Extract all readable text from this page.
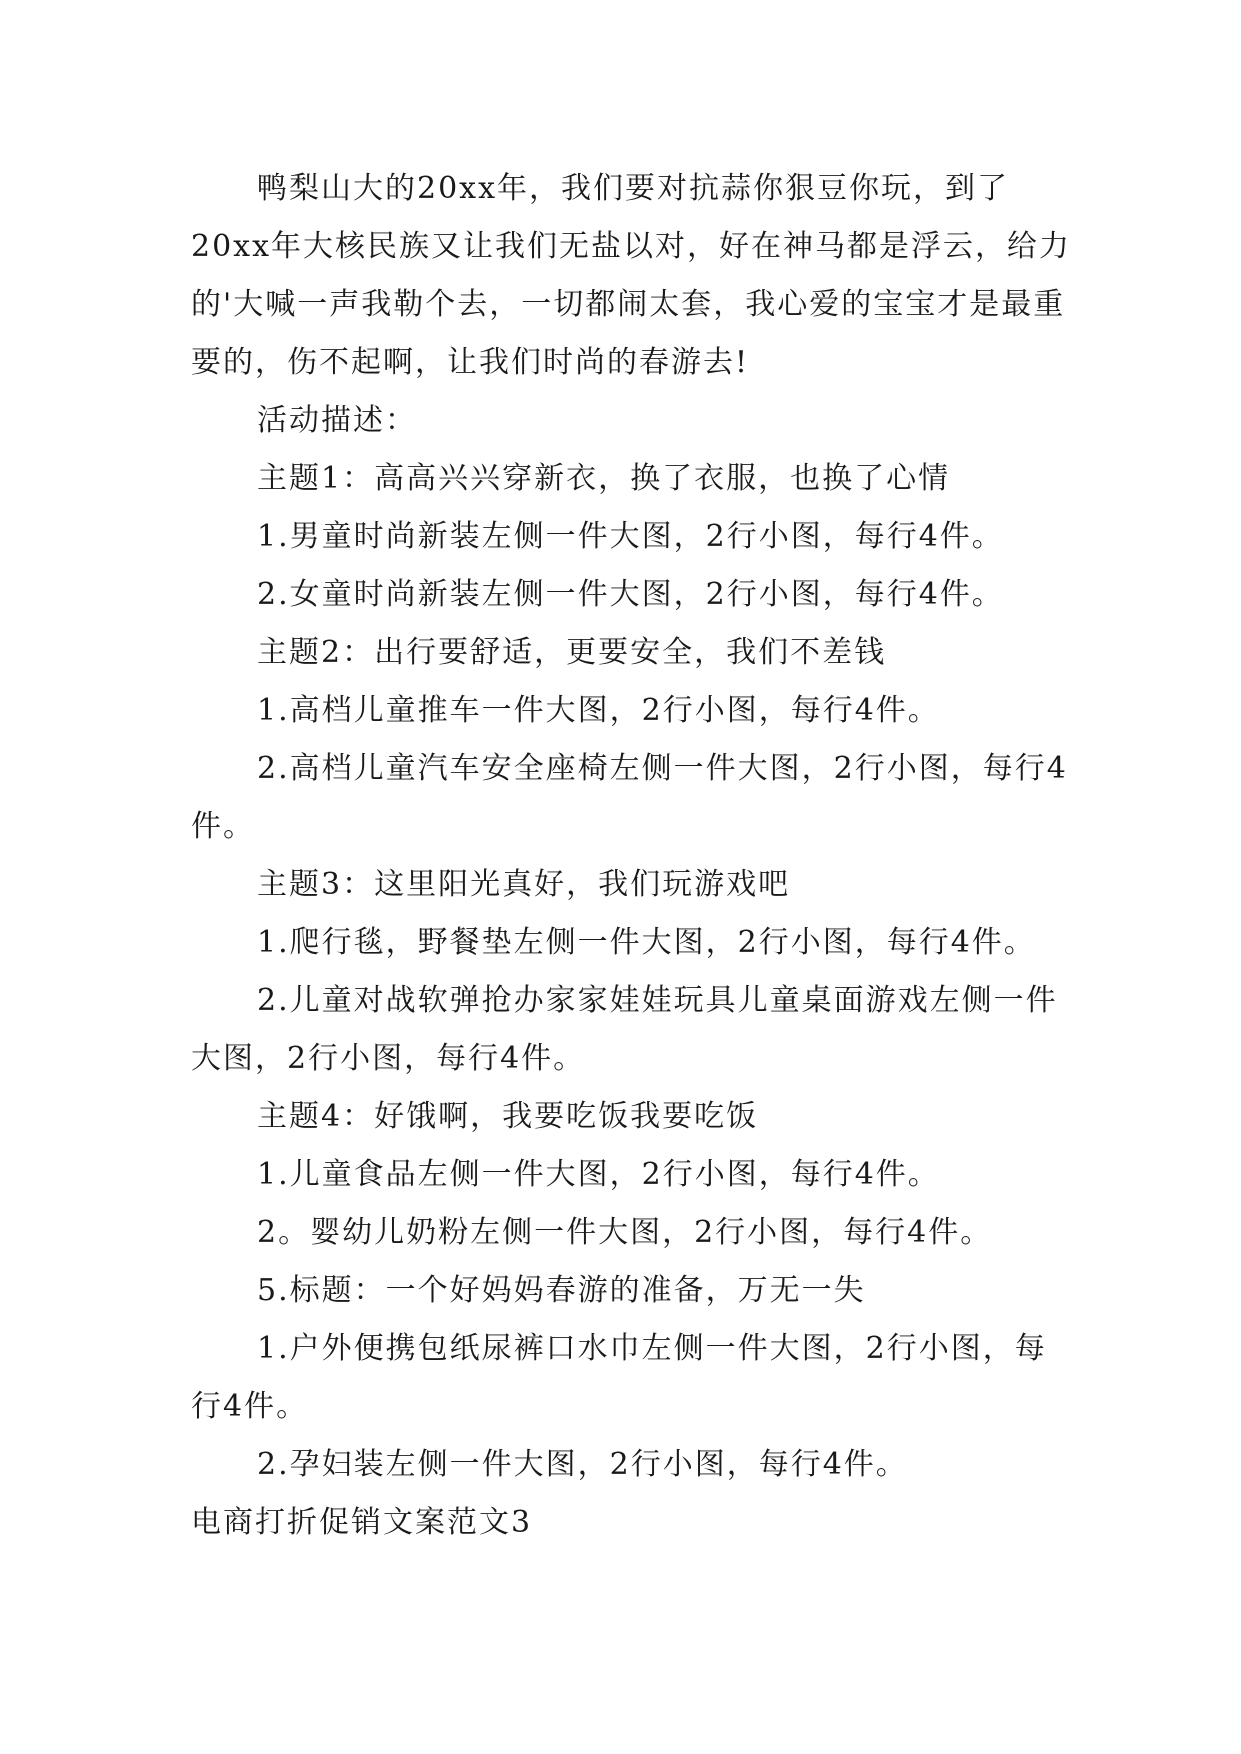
鸭梨山大的20xx年，我们要对抗蒜你狠豆你玩，到了20xx年大核民族又让我们无盐以对，好在神马都是浮云，给力的'大喊一声我勒个去，一切都闹太套，我心爱的宝宝才是最重要的，伤不起啊，让我们时尚的春游去!

活动描述：

主题1：高高兴兴穿新衣，换了衣服，也换了心情

1.男童时尚新装左侧一件大图，2行小图，每行4件。

2.女童时尚新装左侧一件大图，2行小图，每行4件。

主题2：出行要舒适，更要安全，我们不差钱

1.高档儿童推车一件大图，2行小图，每行4件。

2.高档儿童汽车安全座椅左侧一件大图，2行小图，每行4件。

主题3：这里阳光真好，我们玩游戏吧

1.爬行毯，野餐垫左侧一件大图，2行小图，每行4件。

2.儿童对战软弹抢办家家娃娃玩具儿童桌面游戏左侧一件大图，2行小图，每行4件。

主题4：好饿啊，我要吃饭我要吃饭

1.儿童食品左侧一件大图，2行小图，每行4件。

2。婴幼儿奶粉左侧一件大图，2行小图，每行4件。

5.标题：一个好妈妈春游的准备，万无一失

1.户外便携包纸尿裤口水巾左侧一件大图，2行小图，每行4件。

2.孕妇装左侧一件大图，2行小图，每行4件。

电商打折促销文案范文3
